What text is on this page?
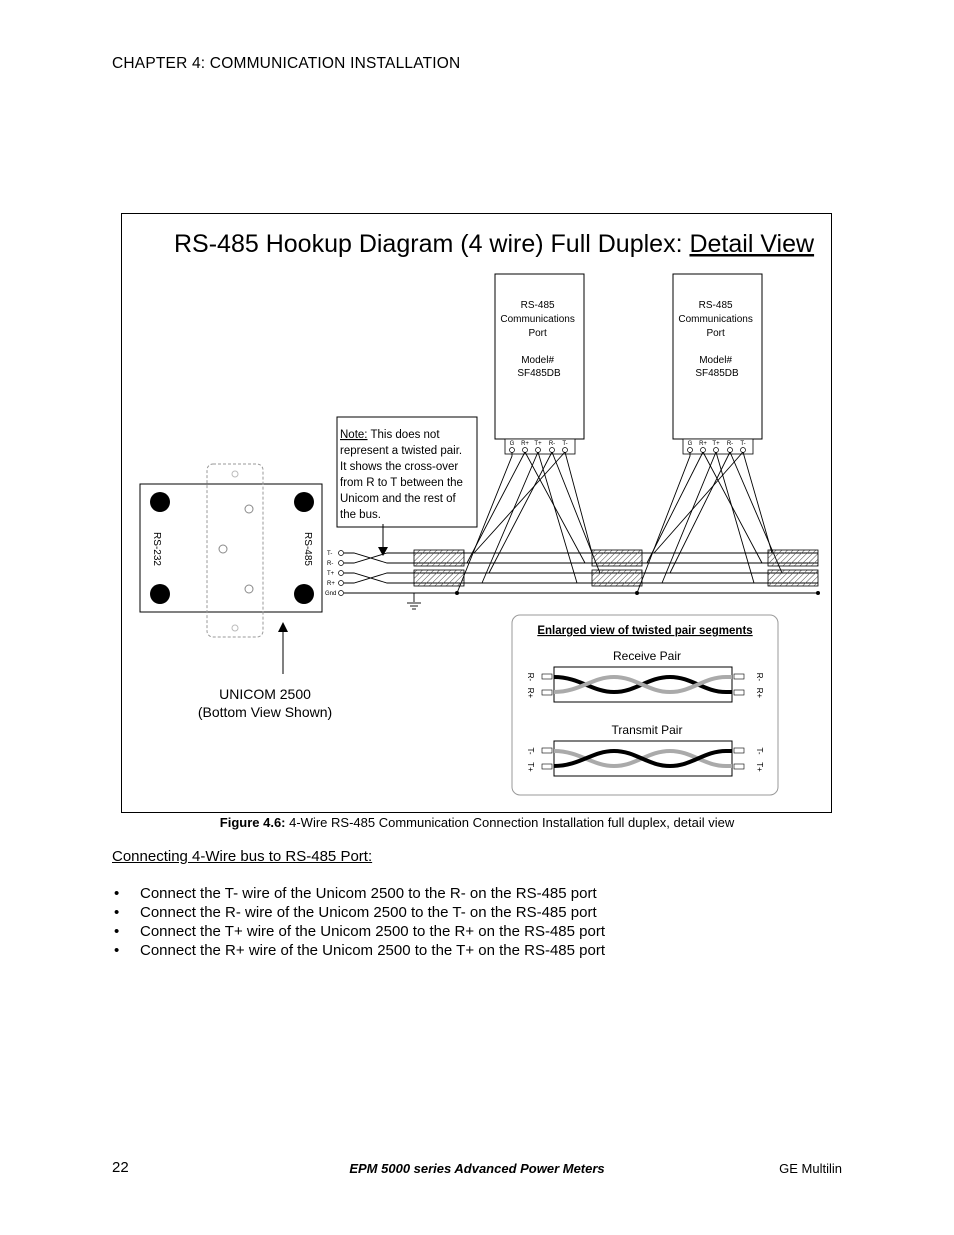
CHAPTER 4: COMMUNICATION INSTALLATION
RS-485 Hookup Diagram (4 wire) Full Duplex: Detail View
RS-485 Communications Port Model# SF485DB
G R+ T+ R- T-
RS-485 Communications Port Model# SF485DB
G R+ T+ R- T-
Note: This does not represent a twisted pair. It shows the cross-over from R to T between the Unicom and the rest of the bus.
RS-232	RS-485 T-
R-
T+
R+
Gnd
UNICOM 2500
(Bottom View Shown)
Enlarged view of twisted pair segments
Receive Pair
R-
R+
R-
R+
Transmit Pair
T-
T+
T-
T+
Figure 4.6: 4-Wire RS-485 Communication Connection Installation full duplex, detail view
Connecting 4-Wire bus to RS-485 Port:
• Connect the T- wire of the Unicom 2500 to the R- on the RS-485 port
• Connect the R- wire of the Unicom 2500 to the T- on the RS-485 port
• Connect the T+ wire of the Unicom 2500 to the R+ on the RS-485 port
• Connect the R+ wire of the Unicom 2500 to the T+ on the RS-485 port
22	EPM 5000 series Advanced Power Meters	GE Multilin
